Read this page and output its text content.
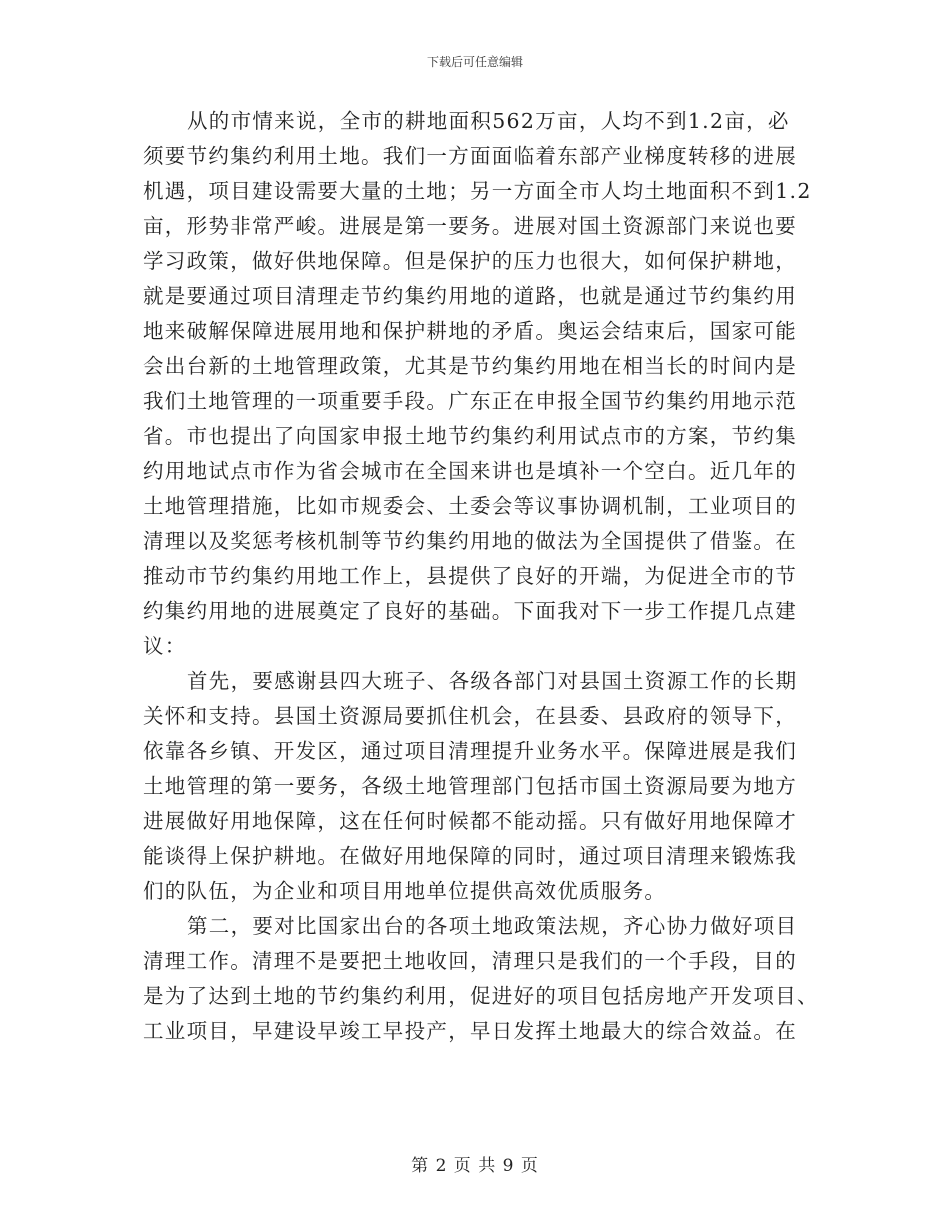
下载后可任意编辑
从的市情来说，全市的耕地面积562万亩，人均不到1.2亩，必
须要节约集约利用土地。我们一方面面临着东部产业梯度转移的进展
机遇，项目建设需要大量的土地；另一方面全市人均土地面积不到1.2
亩，形势非常严峻。进展是第一要务。进展对国土资源部门来说也要
学习政策，做好供地保障。但是保护的压力也很大，如何保护耕地，
就是要通过项目清理走节约集约用地的道路，也就是通过节约集约用
地来破解保障进展用地和保护耕地的矛盾。奥运会结束后，国家可能
会出台新的土地管理政策，尤其是节约集约用地在相当长的时间内是
我们土地管理的一项重要手段。广东正在申报全国节约集约用地示范
省。市也提出了向国家申报土地节约集约利用试点市的方案，节约集
约用地试点市作为省会城市在全国来讲也是填补一个空白。近几年的
土地管理措施，比如市规委会、土委会等议事协调机制，工业项目的
清理以及奖惩考核机制等节约集约用地的做法为全国提供了借鉴。在
推动市节约集约用地工作上，县提供了良好的开端，为促进全市的节
约集约用地的进展奠定了良好的基础。下面我对下一步工作提几点建
议：
首先，要感谢县四大班子、各级各部门对县国土资源工作的长期
关怀和支持。县国土资源局要抓住机会，在县委、县政府的领导下，
依靠各乡镇、开发区，通过项目清理提升业务水平。保障进展是我们
土地管理的第一要务，各级土地管理部门包括市国土资源局要为地方
进展做好用地保障，这在任何时候都不能动摇。只有做好用地保障才
能谈得上保护耕地。在做好用地保障的同时，通过项目清理来锻炼我
们的队伍，为企业和项目用地单位提供高效优质服务。
第二，要对比国家出台的各项土地政策法规，齐心协力做好项目
清理工作。清理不是要把土地收回，清理只是我们的一个手段，目的
是为了达到土地的节约集约利用，促进好的项目包括房地产开发项目、
工业项目，早建设早竣工早投产，早日发挥土地最大的综合效益。在
第 2 页 共 9 页
